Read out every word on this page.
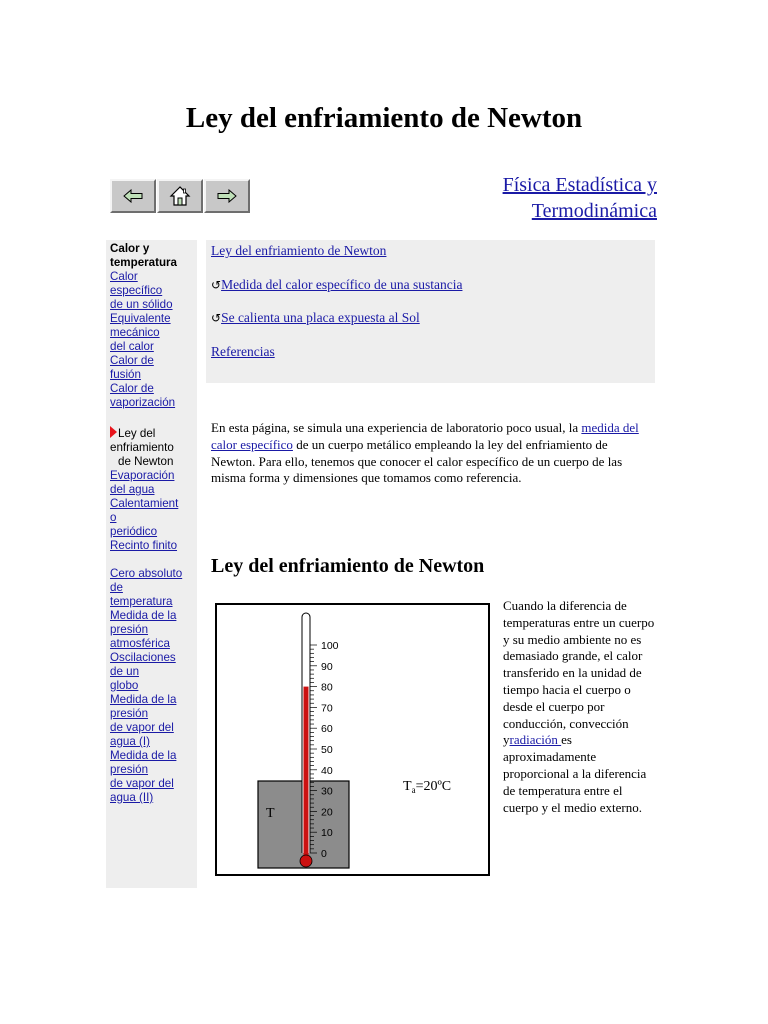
Ley del enfriamiento de Newton
Física Estadística y
Termodinámica
Calor y
temperatura
Calor
específico
de un sólido
Equivalente
mecánico
del calor
Calor de
fusión
Calor de
vaporización
Ley del
enfriamiento
de Newton
Evaporación
del agua
Calentamient
o
periódico
Recinto finito
Cero absoluto
de
temperatura
Medida de la
presión
atmosférica
Oscilaciones
de un
globo
Medida de la
presión
de vapor del
agua (I)
Medida de la
presión
de vapor del
agua (II)
Ley del enfriamiento de Newton
↺Medida del calor específico de una sustancia
↺Se calienta una placa expuesta al Sol
Referencias

En esta página, se simula una experiencia de laboratorio poco usual, la medida del calor específico de un cuerpo metálico empleando la ley del enfriamiento de Newton. Para ello, tenemos que conocer el calor específico de un cuerpo de las misma forma y dimensiones que tomamos como referencia.

Ley del enfriamiento de Newton
T
100
90
80
70
60
50
40
30
20
10
0
$T_a=20ºC$

Cuando la diferencia de temperaturas entre un cuerpo y su medio ambiente no es demasiado grande, el calor transferido en la unidad de tiempo hacia el cuerpo o desde el cuerpo por conducción, convección yradiación es aproximadamente proporcional a la diferencia de temperatura entre el cuerpo y el medio externo.
